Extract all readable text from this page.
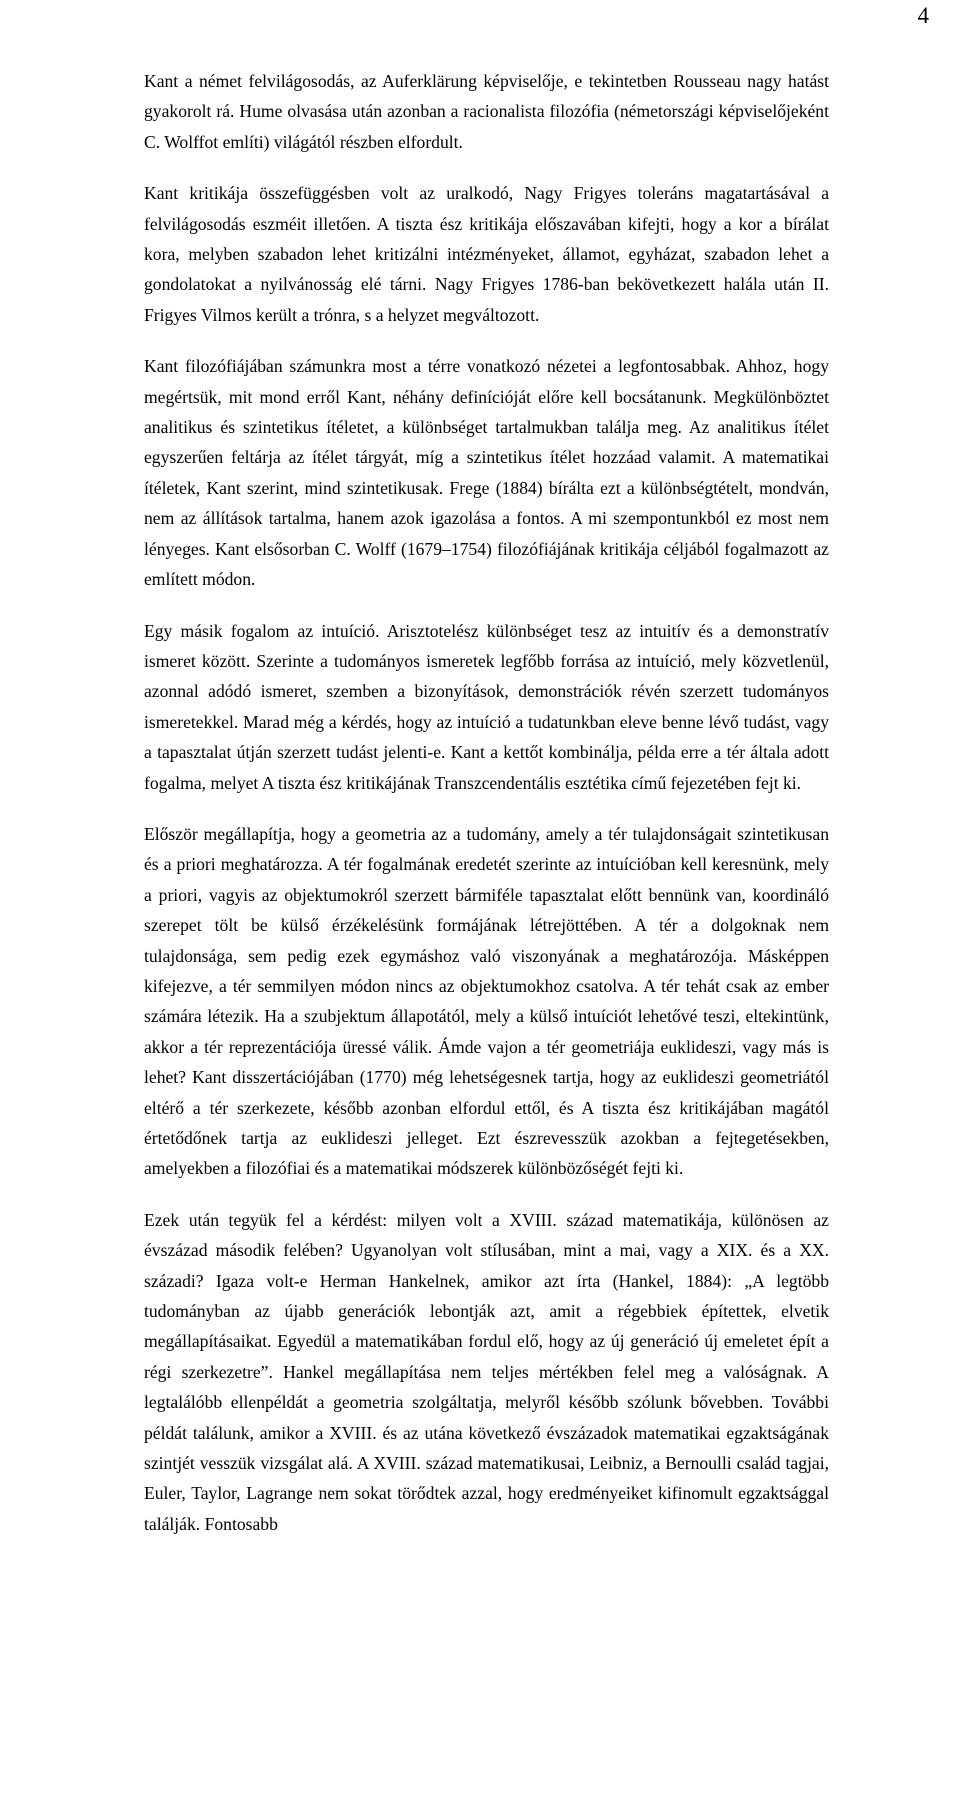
4

Kant a német felvilágosodás, az Auferklärung képviselője, e tekintetben Rousseau nagy hatást gyakorolt rá. Hume olvasása után azonban a racionalista filozófia (németországi képviselőjeként C. Wolffot említi) világától részben elfordult.

Kant kritikája összefüggésben volt az uralkodó, Nagy Frigyes toleráns magatartásával a felvilágosodás eszméit illetően. A tiszta ész kritikája előszavában kifejti, hogy a kor a bírálat kora, melyben szabadon lehet kritizálni intézményeket, államot, egyházat, szabadon lehet a gondolatokat a nyilvánosság elé tárni. Nagy Frigyes 1786-ban bekövetkezett halála után II. Frigyes Vilmos került a trónra, s a helyzet megváltozott.

Kant filozófiájában számunkra most a térre vonatkozó nézetei a legfontosabbak. Ahhoz, hogy megértsük, mit mond erről Kant, néhány definícióját előre kell bocsátanunk. Megkülönböztet analitikus és szintetikus ítéletet, a különbséget tartalmukban találja meg. Az analitikus ítélet egyszerűen feltárja az ítélet tárgyát, míg a szintetikus ítélet hozzáad valamit. A matematikai ítéletek, Kant szerint, mind szintetikusak. Frege (1884) bírálta ezt a különbségtételt, mondván, nem az állítások tartalma, hanem azok igazolása a fontos. A mi szempontunkból ez most nem lényeges. Kant elsősorban C. Wolff (1679–1754) filozófiájának kritikája céljából fogalmazott az említett módon.

Egy másik fogalom az intuíció. Arisztotelész különbséget tesz az intuitív és a demonstratív ismeret között. Szerinte a tudományos ismeretek legfőbb forrása az intuíció, mely közvetlenül, azonnal adódó ismeret, szemben a bizonyítások, demonstrációk révén szerzett tudományos ismeretekkel. Marad még a kérdés, hogy az intuíció a tudatunkban eleve benne lévő tudást, vagy a tapasztalat útján szerzett tudást jelenti-e. Kant a kettőt kombinálja, példa erre a tér általa adott fogalma, melyet A tiszta ész kritikájának Transzcendentális esztétika című fejezetében fejt ki.

Először megállapítja, hogy a geometria az a tudomány, amely a tér tulajdonságait szintetikusan és a priori meghatározza. A tér fogalmának eredetét szerinte az intuícióban kell keresnünk, mely a priori, vagyis az objektumokról szerzett bármiféle tapasztalat előtt bennünk van, koordináló szerepet tölt be külső érzékelésünk formájának létrejöttében. A tér a dolgoknak nem tulajdonsága, sem pedig ezek egymáshoz való viszonyának a meghatározója. Másképpen kifejezve, a tér semmilyen módon nincs az objektumokhoz csatolva. A tér tehát csak az ember számára létezik. Ha a szubjektum állapotától, mely a külső intuíciót lehetővé teszi, eltekintünk, akkor a tér reprezentációja üressé válik. Ámde vajon a tér geometriája euklideszi, vagy más is lehet? Kant disszertációjában (1770) még lehetségesnek tartja, hogy az euklideszi geometriától eltérő a tér szerkezete, később azonban elfordul ettől, és A tiszta ész kritikájában magától értetődőnek tartja az euklideszi jelleget. Ezt észrevesszük azokban a fejtegetésekben, amelyekben a filozófiai és a matematikai módszerek különbözőségét fejti ki.

Ezek után tegyük fel a kérdést: milyen volt a XVIII. század matematikája, különösen az évszázad második felében? Ugyanolyan volt stílusában, mint a mai, vagy a XIX. és a XX. századi? Igaza volt-e Herman Hankelnek, amikor azt írta (Hankel, 1884): „A legtöbb tudományban az újabb generációk lebontják azt, amit a régebbiek építettek, elvetik megállapításaikat. Egyedül a matematikában fordul elő, hogy az új generáció új emeletet épít a régi szerkezetre”. Hankel megállapítása nem teljes mértékben felel meg a valóságnak. A legtalálóbb ellenpéldát a geometria szolgáltatja, melyről később szólunk bővebben. További példát találunk, amikor a XVIII. és az utána következő évszázadok matematikai egzaktságának szintjét vesszük vizsgálat alá. A XVIII. század matematikusai, Leibniz, a Bernoulli család tagjai, Euler, Taylor, Lagrange nem sokat törődtek azzal, hogy eredményeiket kifinomult egzaktsággal találják. Fontosabb
